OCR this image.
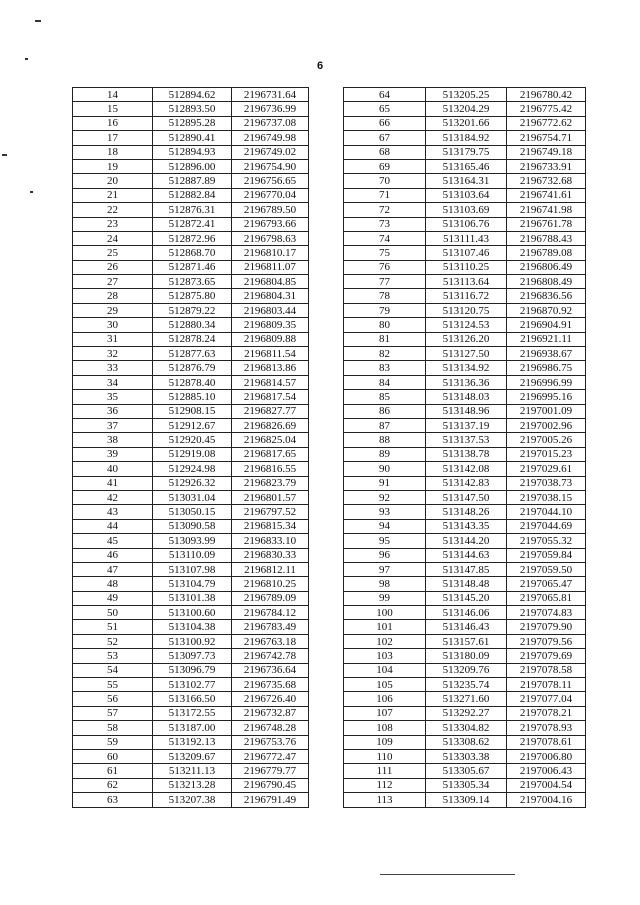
6
14	512894.62	2196731.64
15	512893.50	2196736.99
16	512895.28	2196737.08
17	512890.41	2196749.98
18	512894.93	2196749.02
19	512896.00	2196754.90
20	512887.89	2196756.65
21	512882.84	2196770.04
22	512876.31	2196789.50
23	512872.41	2196793.66
24	512872.96	2196798.63
25	512868.70	2196810.17
26	512871.46	2196811.07
27	512873.65	2196804.85
28	512875.80	2196804.31
29	512879.22	2196803.44
30	512880.34	2196809.35
31	512878.24	2196809.88
32	512877.63	2196811.54
33	512876.79	2196813.86
34	512878.40	2196814.57
35	512885.10	2196817.54
36	512908.15	2196827.77
37	512912.67	2196826.69
38	512920.45	2196825.04
39	512919.08	2196817.65
40	512924.98	2196816.55
41	512926.32	2196823.79
42	513031.04	2196801.57
43	513050.15	2196797.52
44	513090.58	2196815.34
45	513093.99	2196833.10
46	513110.09	2196830.33
47	513107.98	2196812.11
48	513104.79	2196810.25
49	513101.38	2196789.09
50	513100.60	2196784.12
51	513104.38	2196783.49
52	513100.92	2196763.18
53	513097.73	2196742.78
54	513096.79	2196736.64
55	513102.77	2196735.68
56	513166.50	2196726.40
57	513172.55	2196732.87
58	513187.00	2196748.28
59	513192.13	2196753.76
60	513209.67	2196772.47
61	513211.13	2196779.77
62	513213.28	2196790.45
63	513207.38	2196791.49
64	513205.25	2196780.42
65	513204.29	2196775.42
66	513201.66	2196772.62
67	513184.92	2196754.71
68	513179.75	2196749.18
69	513165.46	2196733.91
70	513164.31	2196732.68
71	513103.64	2196741.61
72	513103.69	2196741.98
73	513106.76	2196761.78
74	513111.43	2196788.43
75	513107.46	2196789.08
76	513110.25	2196806.49
77	513113.64	2196808.49
78	513116.72	2196836.56
79	513120.75	2196870.92
80	513124.53	2196904.91
81	513126.20	2196921.11
82	513127.50	2196938.67
83	513134.92	2196986.75
84	513136.36	2196996.99
85	513148.03	2196995.16
86	513148.96	2197001.09
87	513137.19	2197002.96
88	513137.53	2197005.26
89	513138.78	2197015.23
90	513142.08	2197029.61
91	513142.83	2197038.73
92	513147.50	2197038.15
93	513148.26	2197044.10
94	513143.35	2197044.69
95	513144.20	2197055.32
96	513144.63	2197059.84
97	513147.85	2197059.50
98	513148.48	2197065.47
99	513145.20	2197065.81
100	513146.06	2197074.83
101	513146.43	2197079.90
102	513157.61	2197079.56
103	513180.09	2197079.69
104	513209.76	2197078.58
105	513235.74	2197078.11
106	513271.60	2197077.04
107	513292.27	2197078.21
108	513304.82	2197078.93
109	513308.62	2197078.61
110	513303.38	2197006.80
111	513305.67	2197006.43
112	513305.34	2197004.54
113	513309.14	2197004.16
